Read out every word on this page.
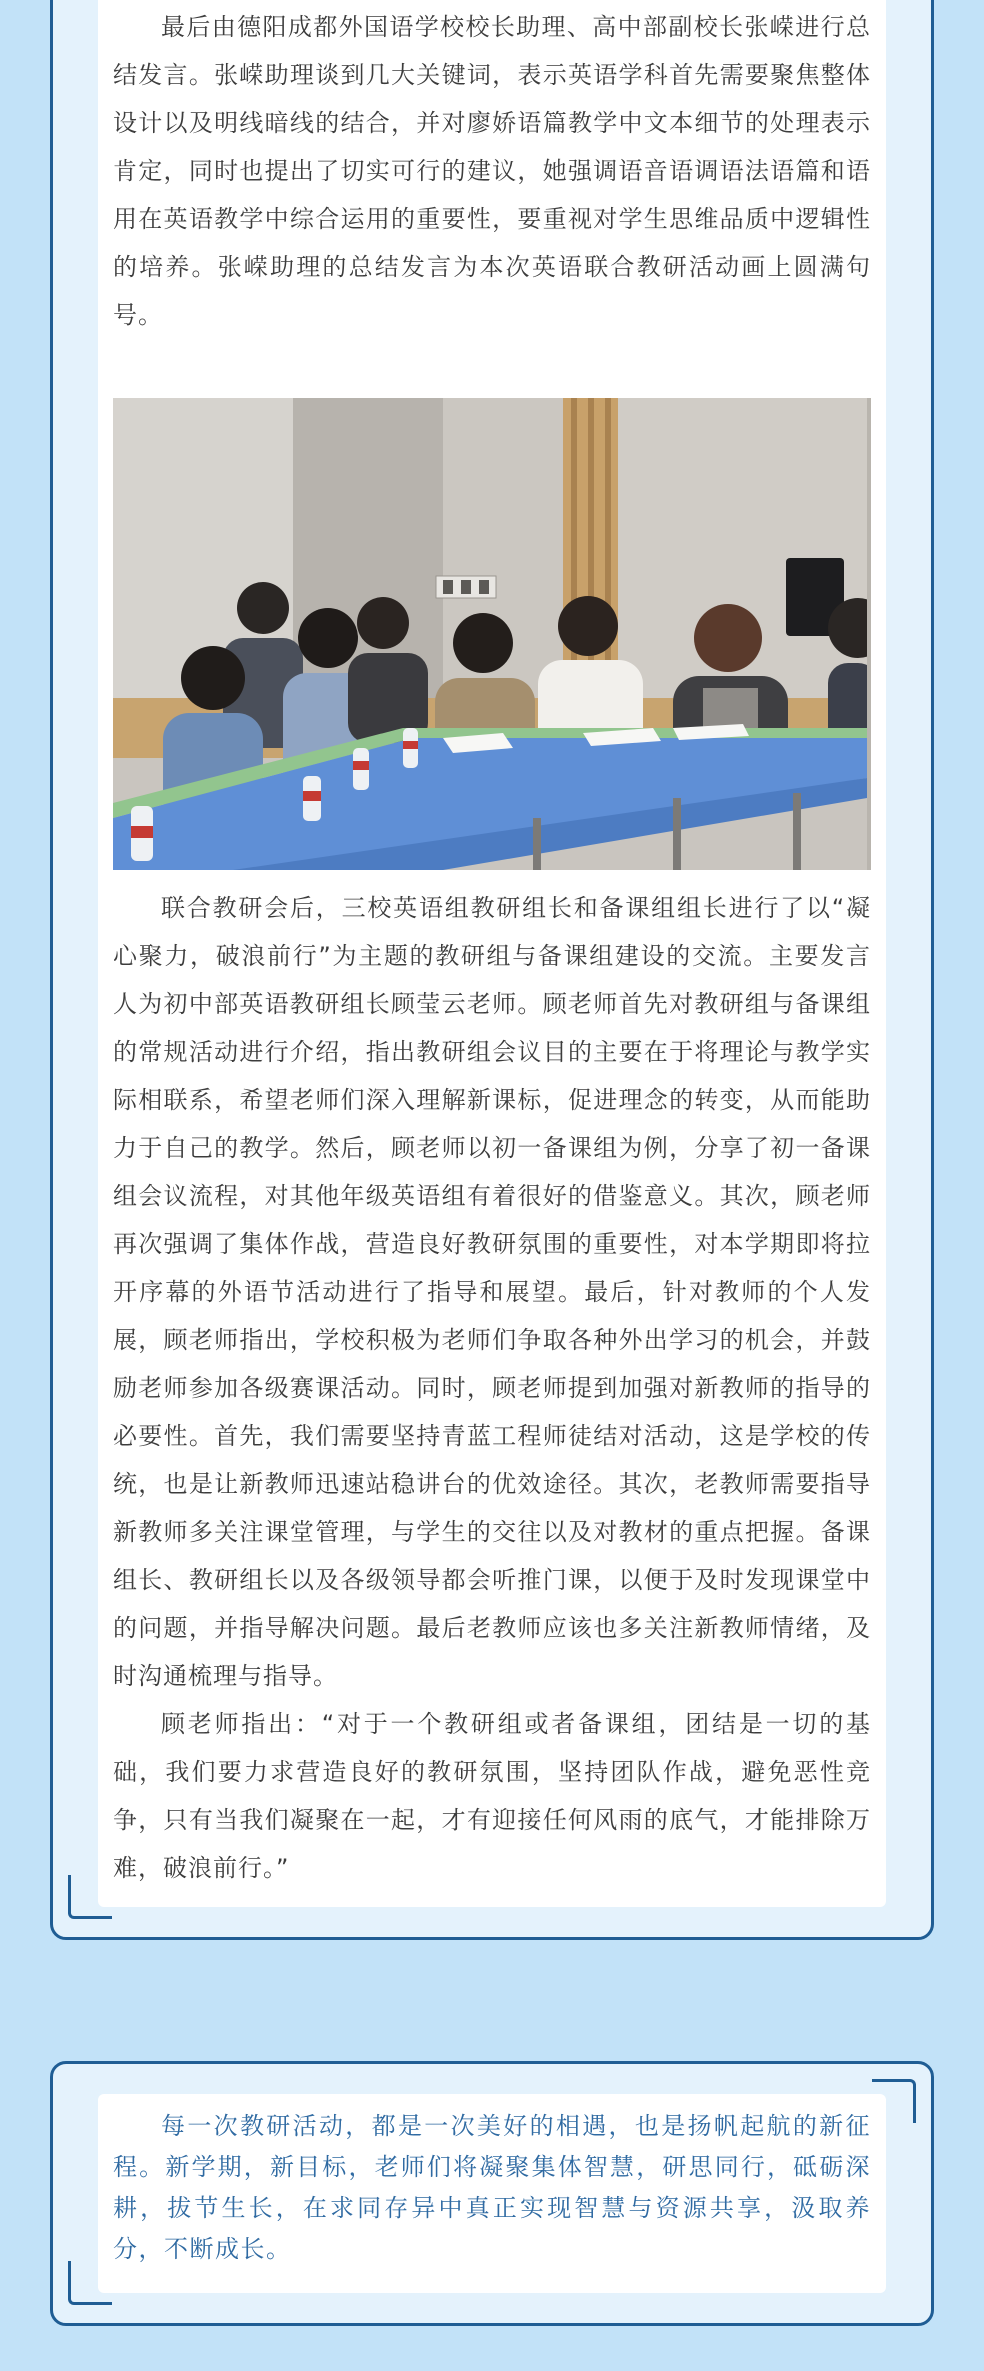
最后由德阳成都外国语学校校长助理、高中部副校长张嵘进行总结发言。张嵘助理谈到几大关键词，表示英语学科首先需要聚焦整体设计以及明线暗线的结合，并对廖娇语篇教学中文本细节的处理表示肯定，同时也提出了切实可行的建议，她强调语音语调语法语篇和语用在英语教学中综合运用的重要性，要重视对学生思维品质中逻辑性的培养。张嵘助理的总结发言为本次英语联合教研活动画上圆满句号。

联合教研会后，三校英语组教研组长和备课组组长进行了以“凝心聚力，破浪前行”为主题的教研组与备课组建设的交流。主要发言人为初中部英语教研组长顾莹云老师。顾老师首先对教研组与备课组的常规活动进行介绍，指出教研组会议目的主要在于将理论与教学实际相联系，希望老师们深入理解新课标，促进理念的转变，从而能助力于自己的教学。然后，顾老师以初一备课组为例，分享了初一备课组会议流程，对其他年级英语组有着很好的借鉴意义。其次，顾老师再次强调了集体作战，营造良好教研氛围的重要性，对本学期即将拉开序幕的外语节活动进行了指导和展望。最后，针对教师的个人发展，顾老师指出，学校积极为老师们争取各种外出学习的机会，并鼓励老师参加各级赛课活动。同时，顾老师提到加强对新教师的指导的必要性。首先，我们需要坚持青蓝工程师徒结对活动，这是学校的传统，也是让新教师迅速站稳讲台的优效途径。其次，老教师需要指导新教师多关注课堂管理，与学生的交往以及对教材的重点把握。备课组长、教研组长以及各级领导都会听推门课，以便于及时发现课堂中的问题，并指导解决问题。最后老教师应该也多关注新教师情绪，及时沟通梳理与指导。

顾老师指出：“对于一个教研组或者备课组，团结是一切的基础，我们要力求营造良好的教研氛围，坚持团队作战，避免恶性竞争，只有当我们凝聚在一起，才有迎接任何风雨的底气，才能排除万难，破浪前行。”

每一次教研活动，都是一次美好的相遇，也是扬帆起航的新征程。新学期，新目标，老师们将凝聚集体智慧，研思同行，砥砺深耕，拔节生长，在求同存异中真正实现智慧与资源共享，汲取养分，不断成长。
